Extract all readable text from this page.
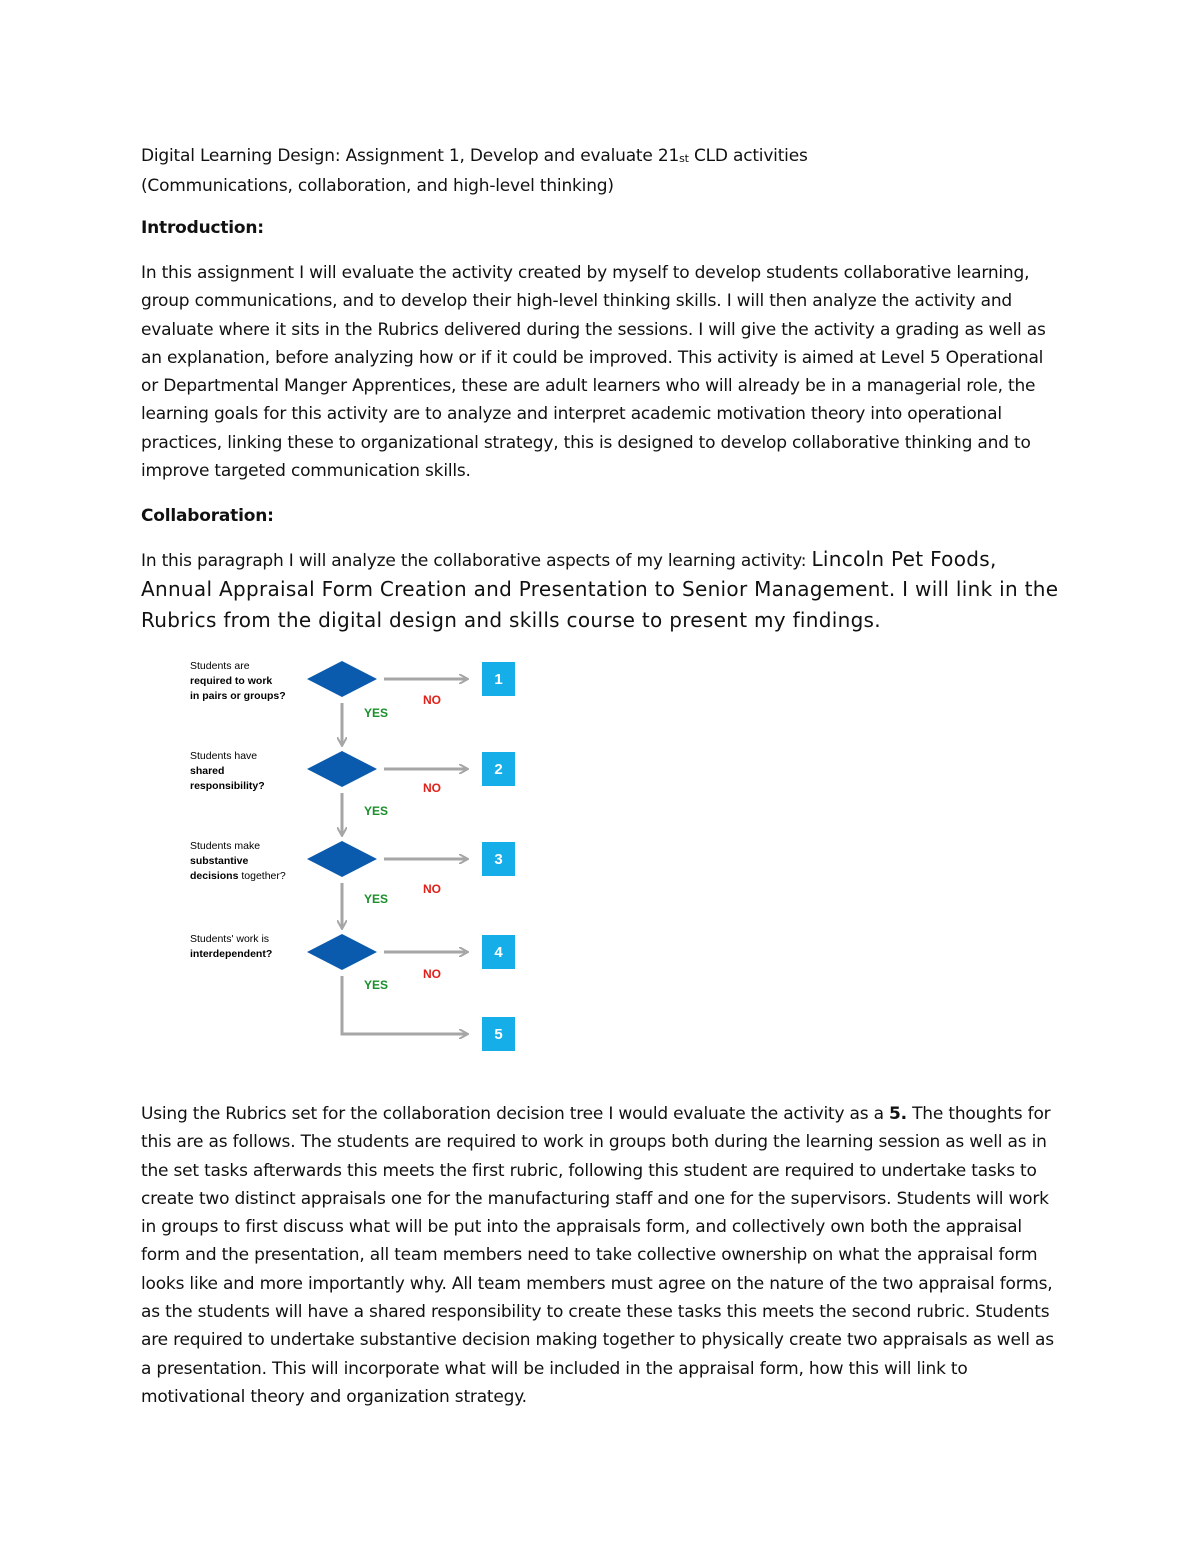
Digital Learning Design: Assignment 1, Develop and evaluate $21_{st}$ CLD activities
(Communications, collaboration, and high-level thinking)
Introduction:
In this assignment I will evaluate the activity created by myself to develop students collaborative learning, group communications, and to develop their high-level thinking skills. I will then analyze the activity and evaluate where it sits in the Rubrics delivered during the sessions. I will give the activity a grading as well as an explanation, before analyzing how or if it could be improved. This activity is aimed at Level 5 Operational or Departmental Manger Apprentices, these are adult learners who will already be in a managerial role, the learning goals for this activity are to analyze and interpret academic motivation theory into operational practices, linking these to organizational strategy, this is designed to develop collaborative thinking and to improve targeted communication skills.
Collaboration:
In this paragraph I will analyze the collaborative aspects of my learning activity: Lincoln Pet Foods, Annual Appraisal Form Creation and Presentation to Senior Management. I will link in the Rubrics from the digital design and skills course to present my findings.
Students are required to work in pairs or groups?	NO
1
YES
Students have shared responsibility?	NO
2
YES
Students make substantive decisions together?
NO
3
YES
Students' work is interdependent?
NO
4
YES
5
Using the Rubrics set for the collaboration decision tree I would evaluate the activity as a 5. The thoughts for this are as follows. The students are required to work in groups both during the learning session as well as in the set tasks afterwards this meets the first rubric, following this student are required to undertake tasks to create two distinct appraisals one for the manufacturing staff and one for the supervisors. Students will work in groups to first discuss what will be put into the appraisals form, and collectively own both the appraisal form and the presentation, all team members need to take collective ownership on what the appraisal form looks like and more importantly why. All team members must agree on the nature of the two appraisal forms, as the students will have a shared responsibility to create these tasks this meets the second rubric. Students are required to undertake substantive decision making together to physically create two appraisals as well as a presentation. This will incorporate what will be included in the appraisal form, how this will link to motivational theory and organization strategy.
